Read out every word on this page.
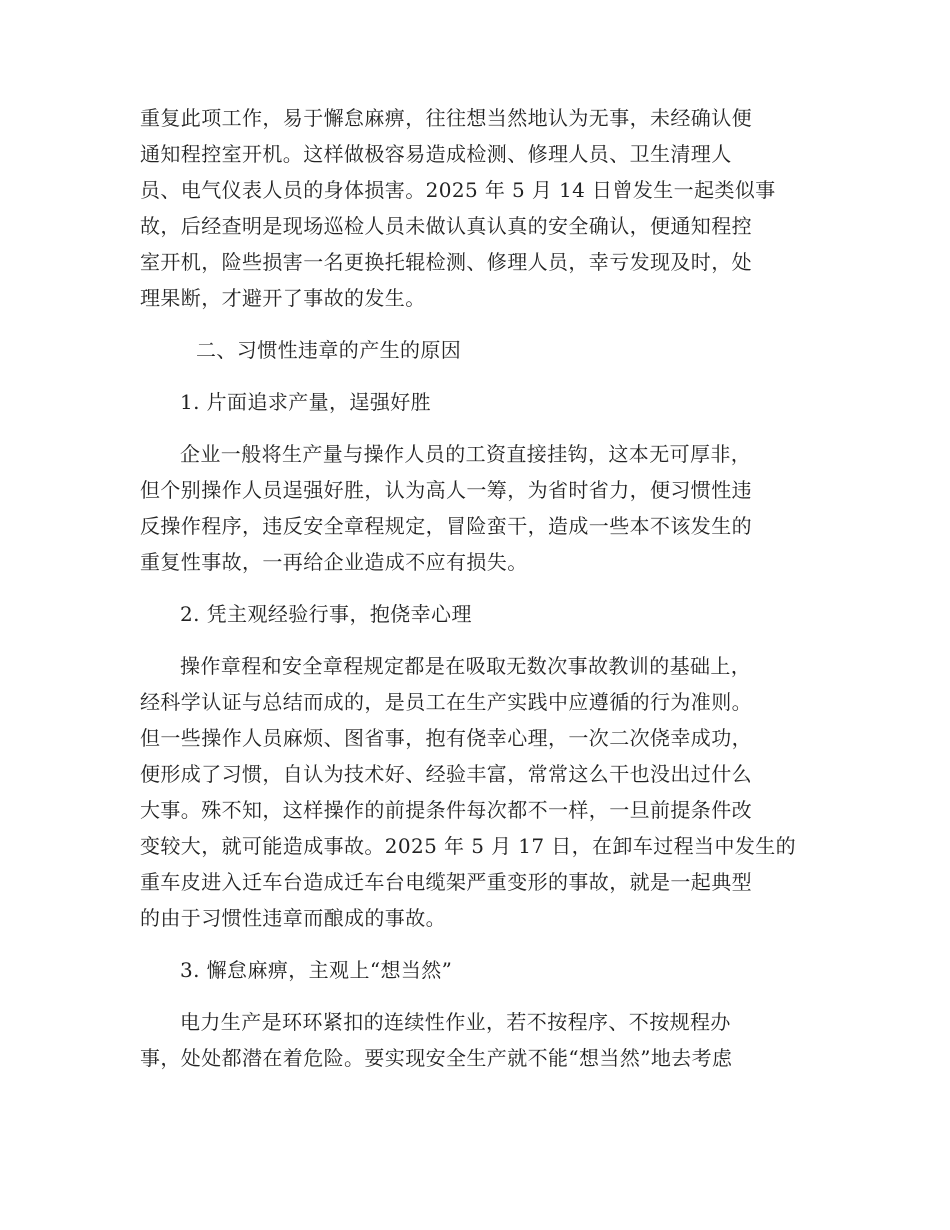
重复此项工作，易于懈怠麻痹，往往想当然地认为无事，未经确认便
通知程控室开机。这样做极容易造成检测、修理人员、卫生清理人
员、电气仪表人员的身体损害。2025 年 5 月 14 日曾发生一起类似事
故，后经查明是现场巡检人员未做认真认真的安全确认，便通知程控
室开机，险些损害一名更换托辊检测、修理人员，幸亏发现及时，处
理果断，才避开了事故的发生。
二、习惯性违章的产生的原因
1. 片面追求产量，逞强好胜
企业一般将生产量与操作人员的工资直接挂钩，这本无可厚非，
但个别操作人员逞强好胜，认为高人一筹，为省时省力，便习惯性违
反操作程序，违反安全章程规定，冒险蛮干，造成一些本不该发生的
重复性事故，一再给企业造成不应有损失。
2. 凭主观经验行事，抱侥幸心理
操作章程和安全章程规定都是在吸取无数次事故教训的基础上，
经科学认证与总结而成的，是员工在生产实践中应遵循的行为准则。
但一些操作人员麻烦、图省事，抱有侥幸心理，一次二次侥幸成功，
便形成了习惯，自认为技术好、经验丰富，常常这么干也没出过什么
大事。殊不知，这样操作的前提条件每次都不一样，一旦前提条件改
变较大，就可能造成事故。2025 年 5 月 17 日，在卸车过程当中发生的
重车皮进入迁车台造成迁车台电缆架严重变形的事故，就是一起典型
的由于习惯性违章而酿成的事故。
3. 懈怠麻痹，主观上“想当然”
电力生产是环环紧扣的连续性作业，若不按程序、不按规程办
事，处处都潜在着危险。要实现安全生产就不能“想当然”地去考虑
